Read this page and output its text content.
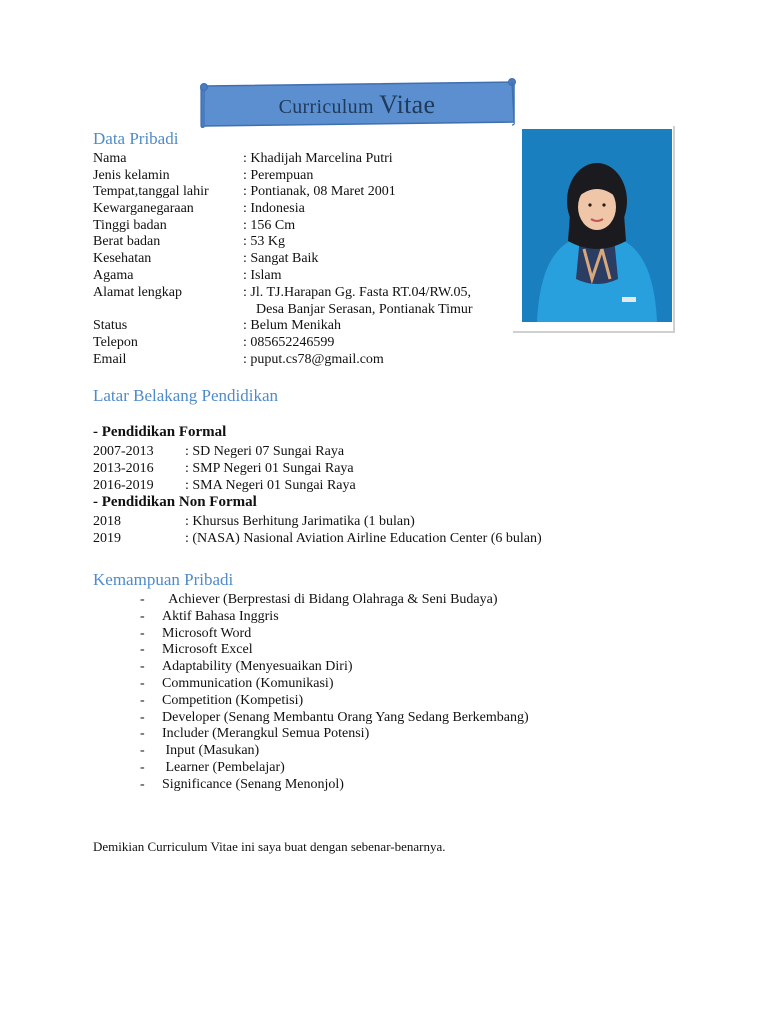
Curriculum Vitae
Data Pribadi
Nama	: Khadijah Marcelina Putri
Jenis kelamin	: Perempuan
Tempat,tanggal lahir : Pontianak, 08 Maret 2001
Kewarganegaraan	: Indonesia
Tinggi badan	: 156 Cm
Berat badan	: 53 Kg
Kesehatan	: Sangat Baik
Agama	: Islam
Alamat lengkap	: Jl. TJ.Harapan Gg. Fasta RT.04/RW.05,
Desa Banjar Serasan, Pontianak Timur
Status	: Belum Menikah
Telepon	: 085652246599
Email	: puput.cs78@gmail.com
Latar Belakang Pendidikan
- Pendidikan Formal
2007-2013 : SD Negeri 07 Sungai Raya
2013-2016 : SMP Negeri 01 Sungai Raya
2016-2019 : SMA Negeri 01 Sungai Raya
- Pendidikan Non Formal
2018	: Khursus Berhitung Jarimatika (1 bulan)
2019	: (NASA) Nasional Aviation Airline Education Center (6 bulan)
Kemampuan Pribadi
- Achiever (Berprestasi di Bidang Olahraga & Seni Budaya)
- Aktif Bahasa Inggris
- Microsoft Word
- Microsoft Excel
- Adaptability (Menyesuaikan Diri)
- Communication (Komunikasi)
- Competition (Kompetisi)
- Developer (Senang Membantu Orang Yang Sedang Berkembang)
- Includer (Merangkul Semua Potensi)
- Input (Masukan)
- Learner (Pembelajar)
- Significance (Senang Menonjol)
Demikian Curriculum Vitae ini saya buat dengan sebenar-benarnya.
